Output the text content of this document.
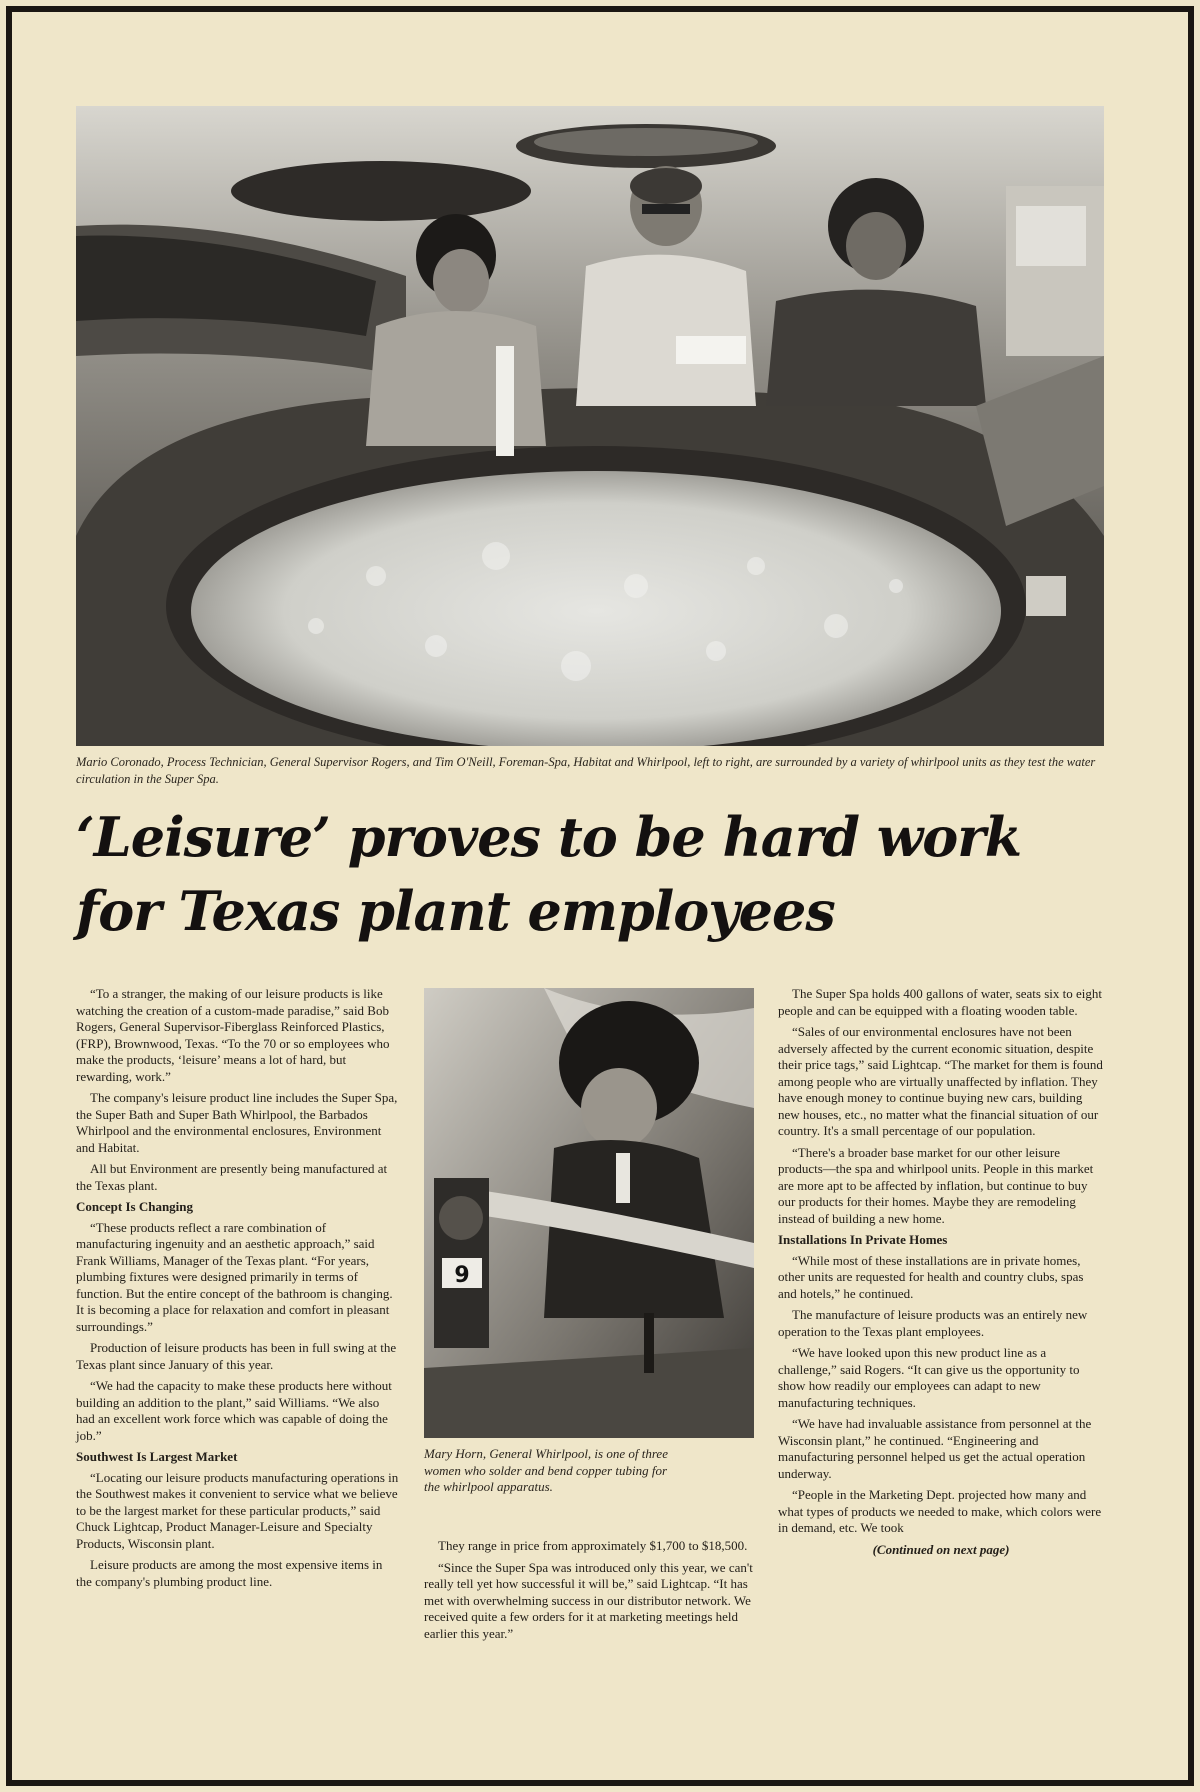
Mario Coronado, Process Technician, General Supervisor Rogers, and Tim O'Neill, Foreman-Spa, Habitat and Whirlpool, left to right, are surrounded by a variety of whirlpool units as they test the water circulation in the Super Spa.
‘Leisure’ proves to be hard work
for Texas plant employees

“To a stranger, the making of our leisure products is like watching the creation of a custom-made paradise,” said Bob Rogers, General Supervisor-Fiberglass Reinforced Plastics, (FRP), Brownwood, Texas. “To the 70 or so employees who make the products, ‘leisure’ means a lot of hard, but rewarding, work.”

The company's leisure product line includes the Super Spa, the Super Bath and Super Bath Whirlpool, the Barbados Whirlpool and the environmental enclosures, Environment and Habitat.

All but Environment are presently being manufactured at the Texas plant.

Concept Is Changing

“These products reflect a rare combination of manufacturing ingenuity and an aesthetic approach,” said Frank Williams, Manager of the Texas plant. “For years, plumbing fixtures were designed primarily in terms of function. But the entire concept of the bathroom is changing. It is becoming a place for relaxation and comfort in pleasant surroundings.”

Production of leisure products has been in full swing at the Texas plant since January of this year.

“We had the capacity to make these products here without building an addition to the plant,” said Williams. “We also had an excellent work force which was capable of doing the job.”

Southwest Is Largest Market

“Locating our leisure products manufacturing operations in the Southwest makes it convenient to service what we believe to be the largest market for these particular products,” said Chuck Lightcap, Product Manager-Leisure and Specialty Products, Wisconsin plant.

Leisure products are among the most expensive items in the company's plumbing product line.

9
Mary Horn, General Whirlpool, is one of three women who solder and bend copper tubing for the whirlpool apparatus.

They range in price from approximately $1,700 to $18,500.

“Since the Super Spa was introduced only this year, we can't really tell yet how successful it will be,” said Lightcap. “It has met with overwhelming success in our distributor network. We received quite a few orders for it at marketing meetings held earlier this year.”

The Super Spa holds 400 gallons of water, seats six to eight people and can be equipped with a floating wooden table.

“Sales of our environmental enclosures have not been adversely affected by the current economic situation, despite their price tags,” said Lightcap. “The market for them is found among people who are virtually unaffected by inflation. They have enough money to continue buying new cars, building new houses, etc., no matter what the financial situation of our country. It's a small percentage of our population.

“There's a broader base market for our other leisure products—the spa and whirlpool units. People in this market are more apt to be affected by inflation, but continue to buy our products for their homes. Maybe they are remodeling instead of building a new home.

Installations In Private Homes

“While most of these installations are in private homes, other units are requested for health and country clubs, spas and hotels,” he continued.

The manufacture of leisure products was an entirely new operation to the Texas plant employees.

“We have looked upon this new product line as a challenge,” said Rogers. “It can give us the opportunity to show how readily our employees can adapt to new manufacturing techniques.

“We have had invaluable assistance from personnel at the Wisconsin plant,” he continued. “Engineering and manufacturing personnel helped us get the actual operation underway.

“People in the Marketing Dept. projected how many and what types of products we needed to make, which colors were in demand, etc. We took

(Continued on next page)
